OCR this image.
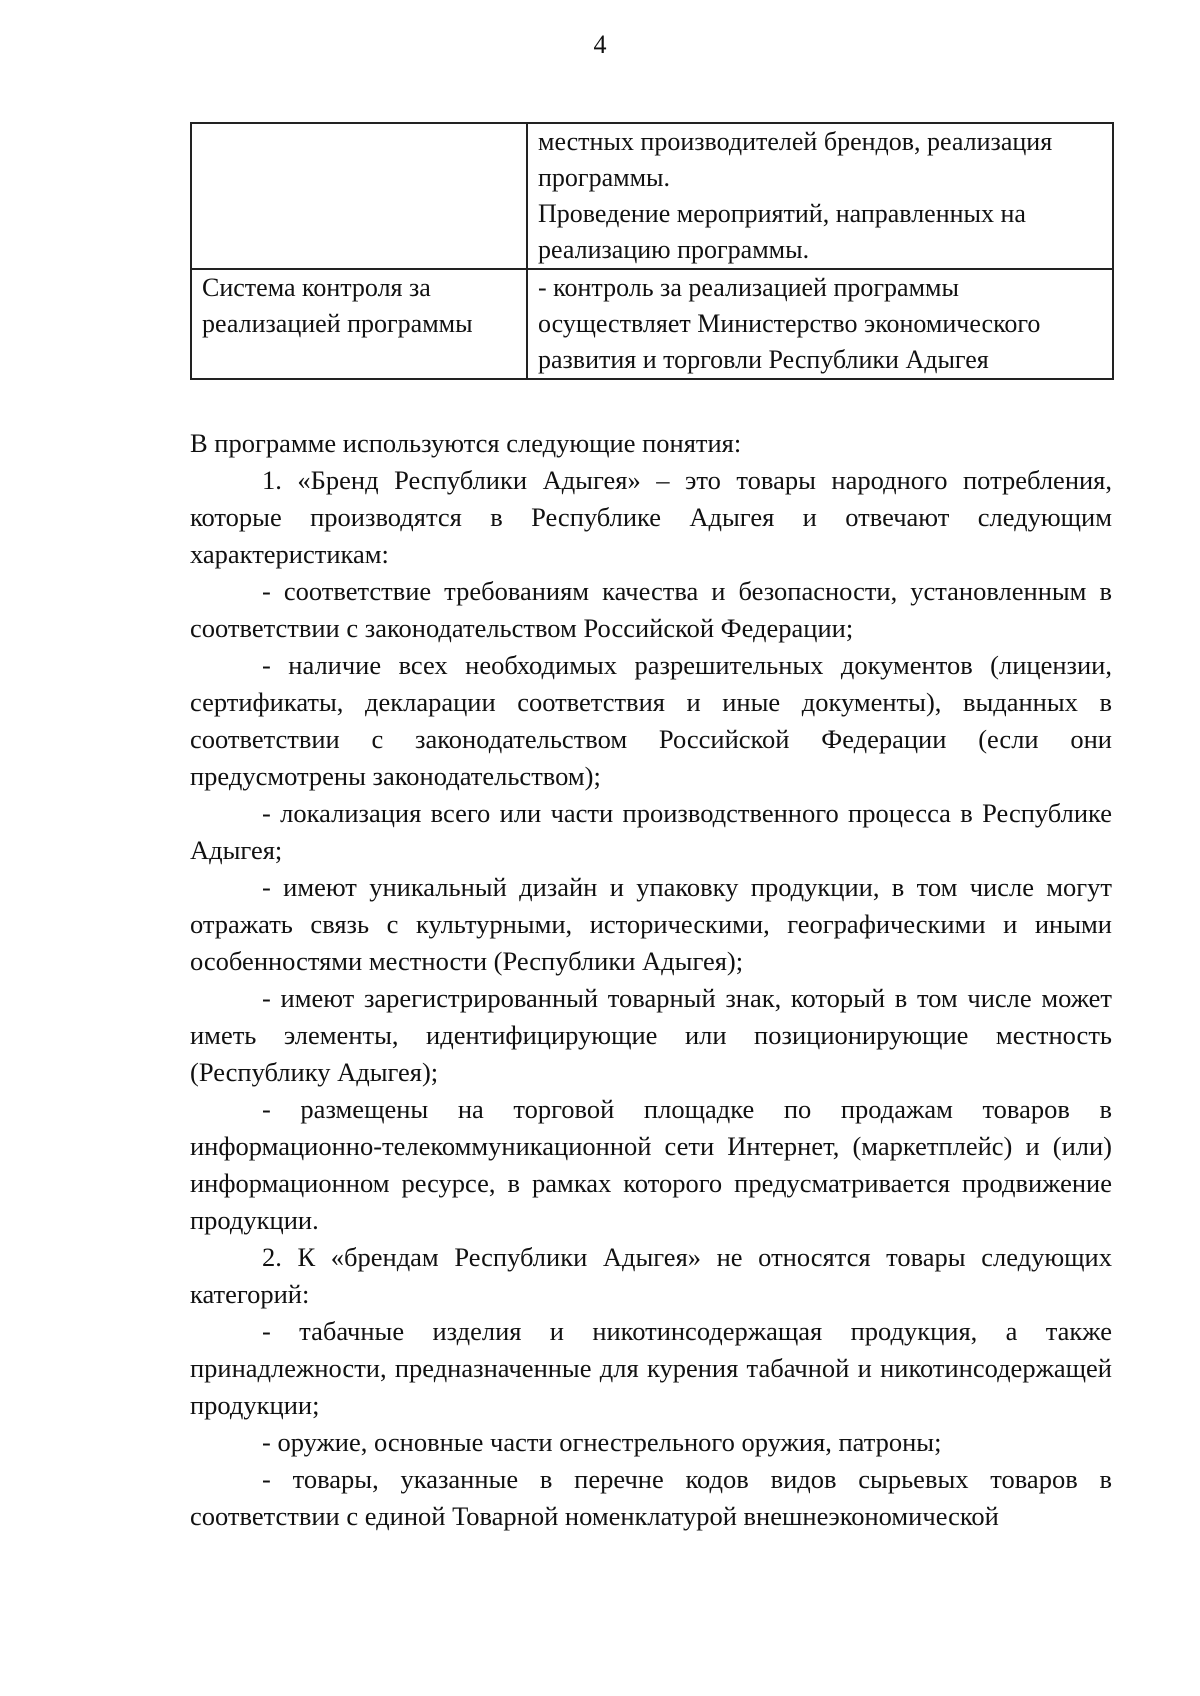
4

	местных производителей брендов, реализация программы.

Проведение мероприятий, направленных на реализацию программы.

Система контроля за реализацией программы	- контроль за реализацией программы осуществляет Министерство экономического развития и торговли Республики Адыгея

В программе используются следующие понятия:

1. «Бренд Республики Адыгея» – это товары народного потребления, которые производятся в Республике Адыгея и отвечают следующим характеристикам:

- соответствие требованиям качества и безопасности, установленным в соответствии с законодательством Российской Федерации;

- наличие всех необходимых разрешительных документов (лицензии, сертификаты, декларации соответствия и иные документы), выданных в соответствии с законодательством Российской Федерации (если они предусмотрены законодательством);

- локализация всего или части производственного процесса в Республике Адыгея;

- имеют уникальный дизайн и упаковку продукции, в том числе могут отражать связь с культурными, историческими, географическими и иными особенностями местности (Республики Адыгея);

- имеют зарегистрированный товарный знак, который в том числе может иметь элементы, идентифицирующие или позиционирующие местность (Республику Адыгея);

- размещены на торговой площадке по продажам товаров в информационно-телекоммуникационной сети Интернет, (маркетплейс) и (или) информационном ресурсе, в рамках которого предусматривается продвижение продукции.

2. К «брендам Республики Адыгея» не относятся товары следующих категорий:

- табачные изделия и никотинсодержащая продукция, а также принадлежности, предназначенные для курения табачной и никотинсодержащей продукции;

- оружие, основные части огнестрельного оружия, патроны;

- товары, указанные в перечне кодов видов сырьевых товаров в соответствии с единой Товарной номенклатурой внешнеэкономической
